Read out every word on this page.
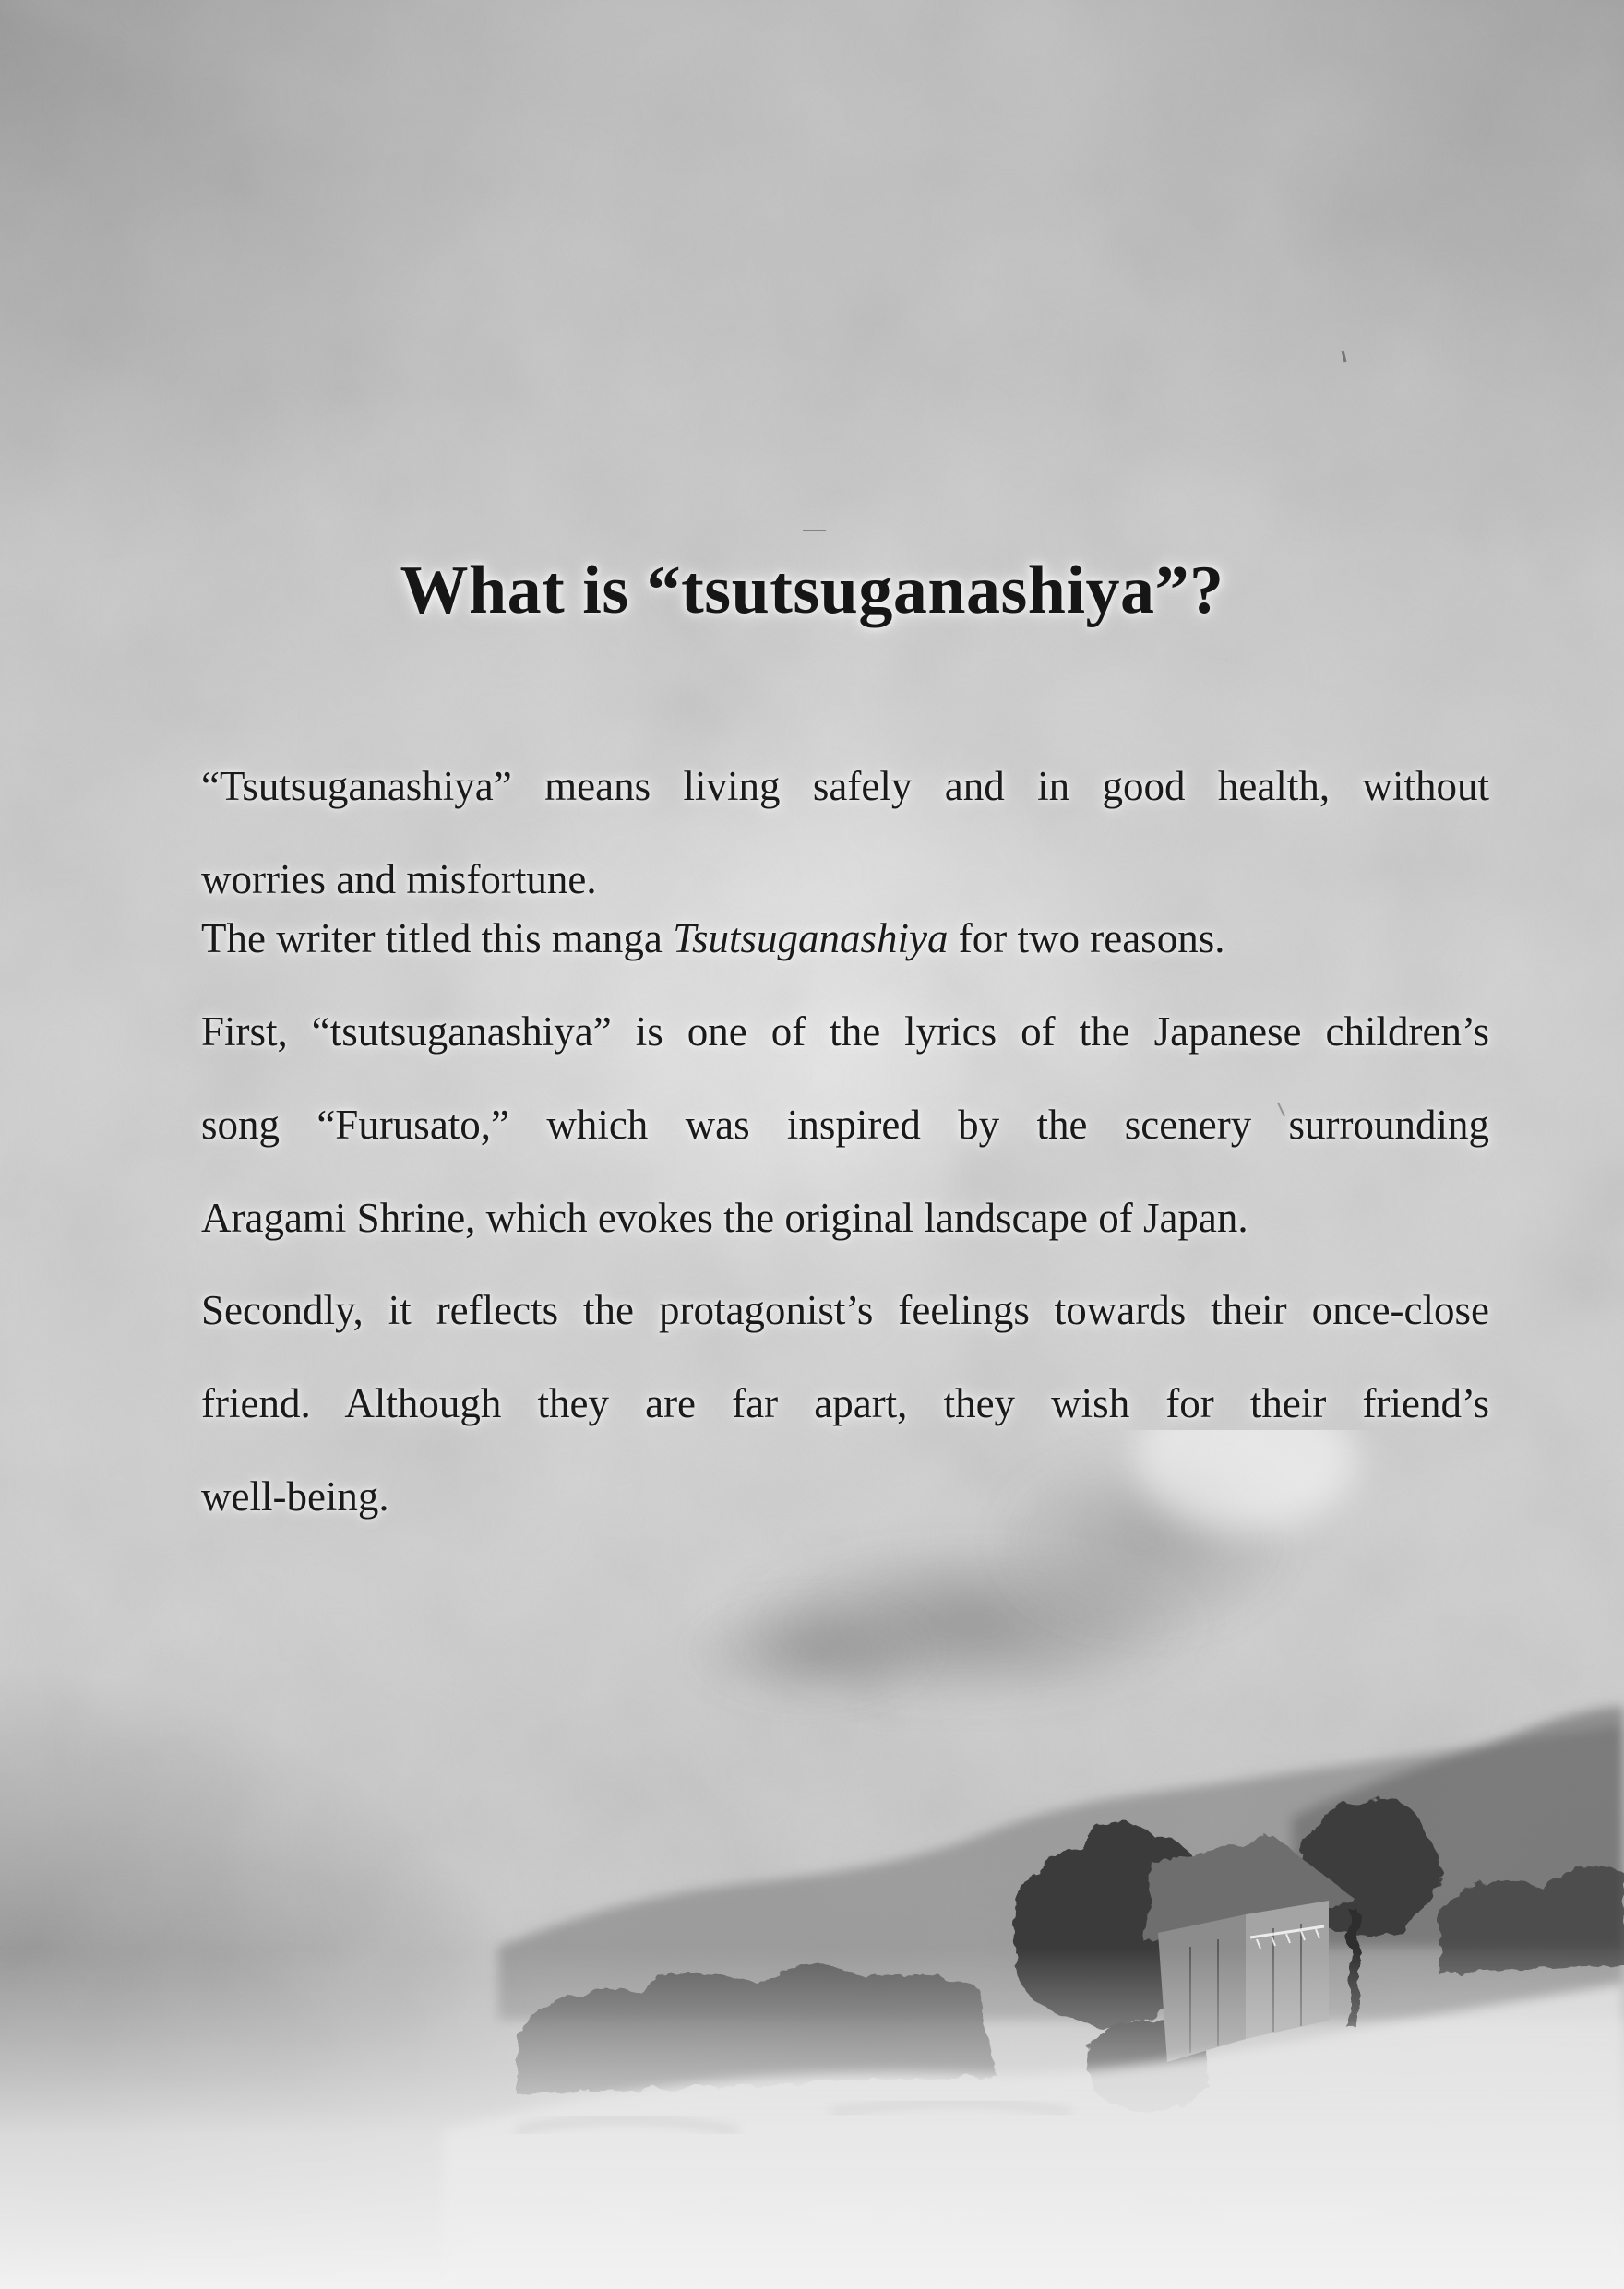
What is “tsutsuganashiya”?
“Tsutsuganashiya” means living safely and in good health, without
worries and misfortune.
The writer titled this manga Tsutsuganashiya for two reasons.
First, “tsutsuganashiya” is one of the lyrics of the Japanese children’s
song “Furusato,” which was inspired by the scenery surrounding
Aragami Shrine, which evokes the original landscape of Japan.
Secondly, it reflects the protagonist’s feelings towards their once-close
friend. Although they are far apart, they wish for their friend’s
well-being.
